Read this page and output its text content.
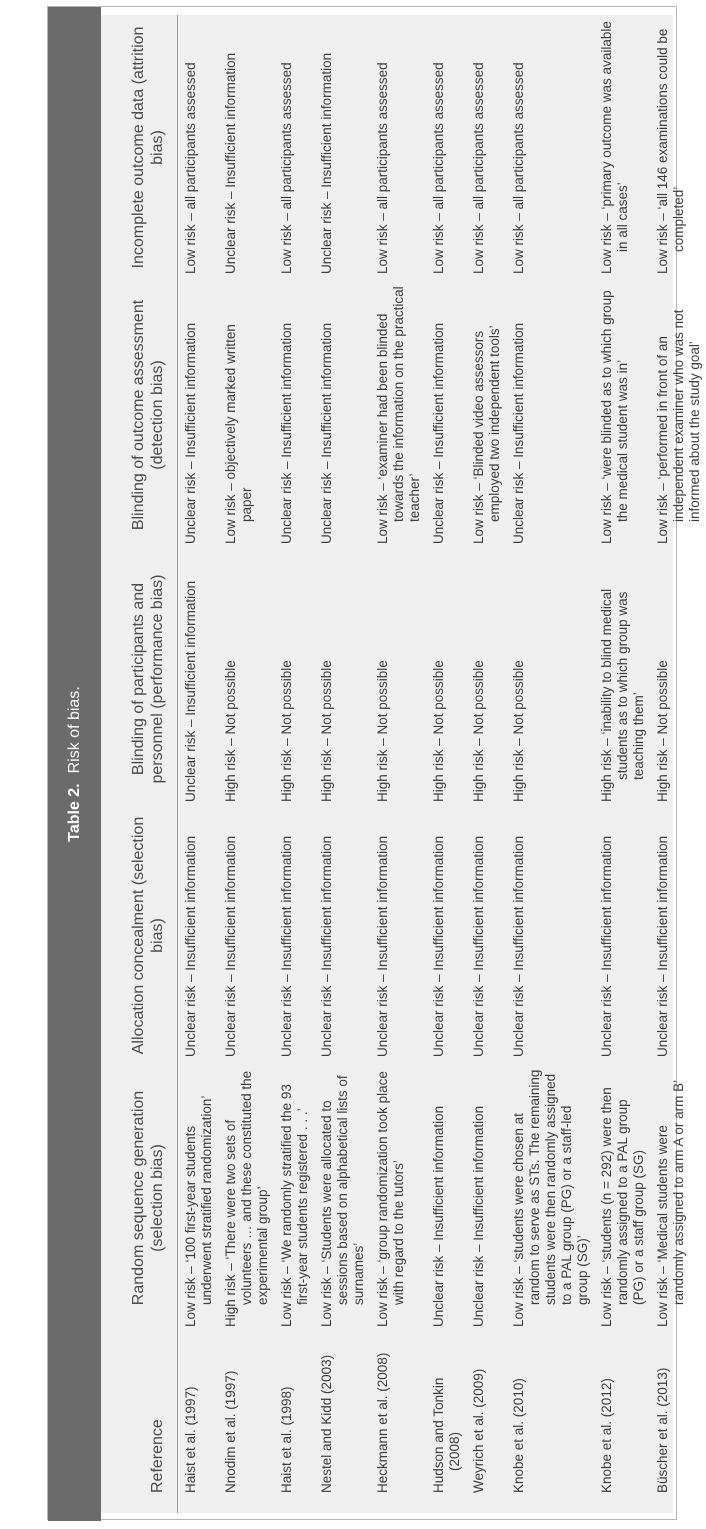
Table 2.
Risk of bias.
Reference	Random sequence generation (selection bias)	Allocation concealment (selection bias)	Blinding of participants and personnel (performance bias)	Blinding of outcome assessment (detection bias)	Incomplete outcome data (attrition bias)

Haist et al. (1997)	Low risk – ‘100 first-year students underwent stratified randomization’	Unclear risk – Insufficient information	Unclear risk – Insufficient information	Unclear risk – Insufficient information	Low risk – all participants assessed

Nnodim et al. (1997)	High risk – ‘There were two sets of volunteers … and these constituted the experimental group’	Unclear risk – Insufficient information	High risk – Not possible	Low risk – objectively marked written paper	Unclear risk – Insufficient information

Haist et al. (1998)	Low risk – ‘We randomly stratified the 93 first-year students registered . . .’	Unclear risk – Insufficient information	High risk – Not possible	Unclear risk – Insufficient information	Low risk – all participants assessed

Nestel and Kidd (2003)	Low risk – ‘Students were allocated to sessions based on alphabetical lists of surnames’	Unclear risk – Insufficient information	High risk – Not possible	Unclear risk – Insufficient information	Unclear risk – Insufficient information

Heckmann et al. (2008)	Low risk – ‘group randomization took place with regard to the tutors’	Unclear risk – Insufficient information	High risk – Not possible	Low risk – ‘examiner had been blinded towards the information on the practical teacher’	Low risk – all participants assessed

Hudson and Tonkin (2008)	Unclear risk – Insufficient information	Unclear risk – Insufficient information	High risk – Not possible	Unclear risk – Insufficient information	Low risk – all participants assessed

Weyrich et al. (2009)	Unclear risk – Insufficient information	Unclear risk – Insufficient information	High risk – Not possible	Low risk – ‘Blinded video assessors employed two independent tools’	Low risk – all participants assessed

Knobe et al. (2010)	Low risk – ‘students were chosen at random to serve as STs. The remaining students were then randomly assigned to a PAL group (PG) or a staff-led group (SG)’	Unclear risk – Insufficient information	High risk – Not possible	Unclear risk – Insufficient information	Low risk – all participants assessed

Knobe et al. (2012)	Low risk – ‘students (n = 292) were then randomly assigned to a PAL group (PG) or a staff group (SG)	Unclear risk – Insufficient information	High risk – ‘inability to blind medical students as to which group was teaching them’	Low risk – ‘were blinded as to which group the medical student was in’	Low risk – ‘primary outcome was available in all cases’

Büscher et al. (2013)	Low risk – ‘Medical students were randomly assigned to arm A or arm B’	Unclear risk – Insufficient information	High risk – Not possible	Low risk – ‘performed in front of an independent examiner who was not informed about the study goal’	Low risk – ‘all 146 examinations could be completed’
